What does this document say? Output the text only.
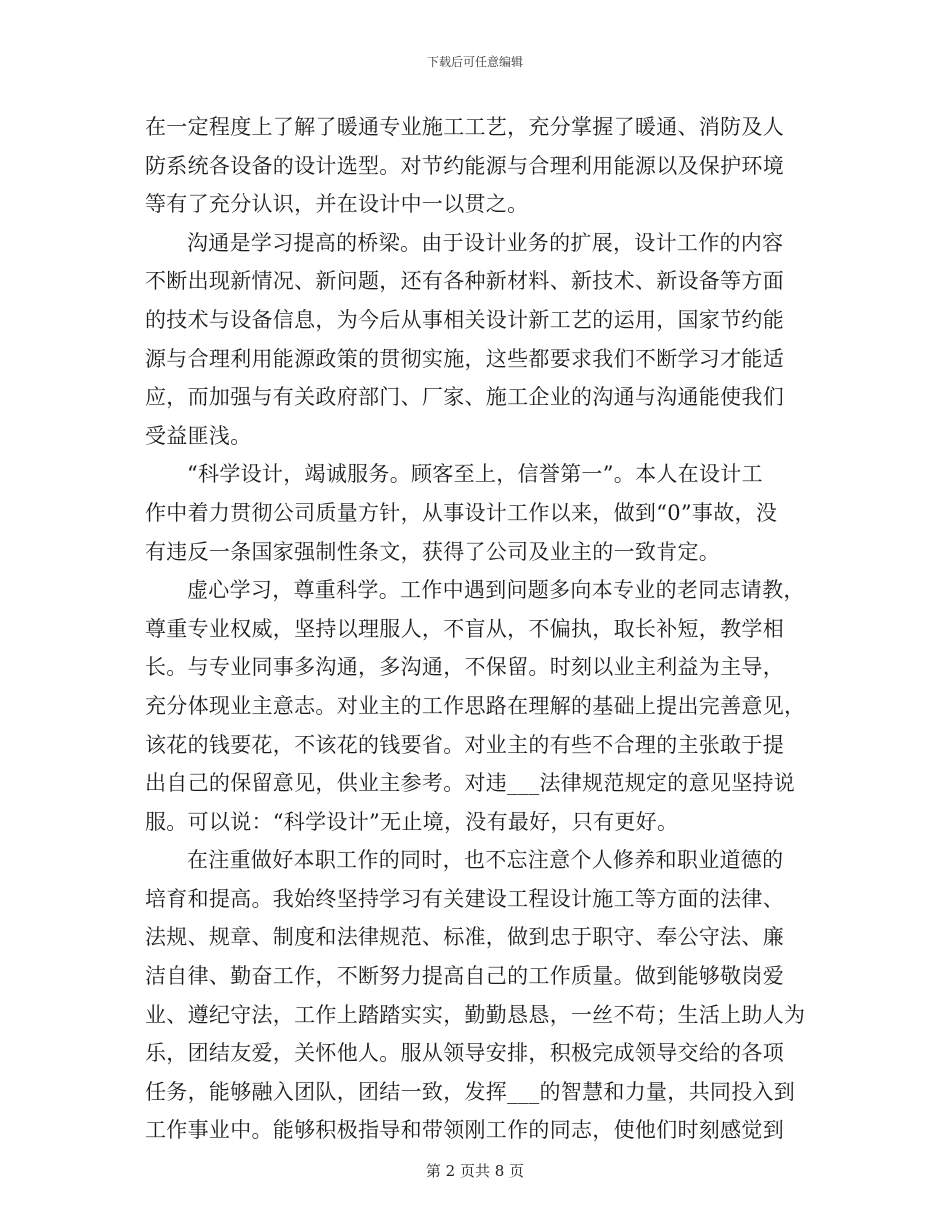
下载后可任意编辑
在一定程度上了解了暖通专业施工工艺，充分掌握了暖通、消防及人
防系统各设备的设计选型。对节约能源与合理利用能源以及保护环境
等有了充分认识，并在设计中一以贯之。
沟通是学习提高的桥梁。由于设计业务的扩展，设计工作的内容
不断出现新情况、新问题，还有各种新材料、新技术、新设备等方面
的技术与设备信息，为今后从事相关设计新工艺的运用，国家节约能
源与合理利用能源政策的贯彻实施，这些都要求我们不断学习才能适
应，而加强与有关政府部门、厂家、施工企业的沟通与沟通能使我们
受益匪浅。
“科学设计，竭诚服务。顾客至上，信誉第一”。本人在设计工
作中着力贯彻公司质量方针，从事设计工作以来，做到“0”事故，没
有违反一条国家强制性条文，获得了公司及业主的一致肯定。
虚心学习，尊重科学。工作中遇到问题多向本专业的老同志请教，
尊重专业权威，坚持以理服人，不盲从，不偏执，取长补短，教学相
长。与专业同事多沟通，多沟通，不保留。时刻以业主利益为主导，
充分体现业主意志。对业主的工作思路在理解的基础上提出完善意见，
该花的钱要花，不该花的钱要省。对业主的有些不合理的主张敢于提
出自己的保留意见，供业主参考。对违___法律规范规定的意见坚持说
服。可以说：“科学设计”无止境，没有最好，只有更好。
在注重做好本职工作的同时，也不忘注意个人修养和职业道德的
培育和提高。我始终坚持学习有关建设工程设计施工等方面的法律、
法规、规章、制度和法律规范、标准，做到忠于职守、奉公守法、廉
洁自律、勤奋工作，不断努力提高自己的工作质量。做到能够敬岗爱
业、遵纪守法，工作上踏踏实实，勤勤恳恳，一丝不苟；生活上助人为
乐，团结友爱，关怀他人。服从领导安排，积极完成领导交给的各项
任务，能够融入团队，团结一致，发挥___的智慧和力量，共同投入到
工作事业中。能够积极指导和带领刚工作的同志，使他们时刻感觉到
第 2 页共 8 页
